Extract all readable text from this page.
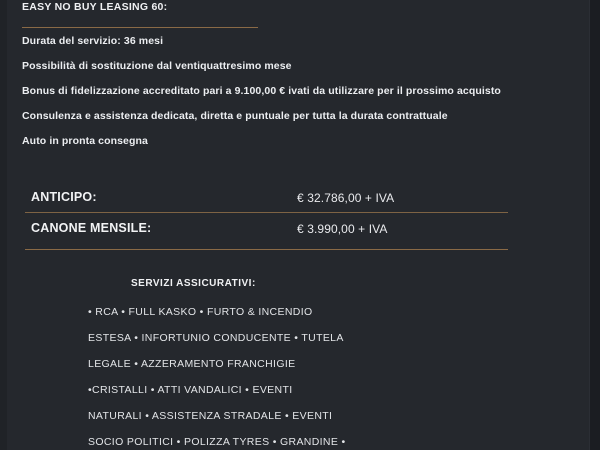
EASY NO BUY LEASING 60:
Durata del servizio: 36 mesi
Possibilità di sostituzione dal ventiquattresimo mese
Bonus di fidelizzazione accreditato pari a 9.100,00 € ivati da utilizzare per il prossimo acquisto
Consulenza e assistenza dedicata, diretta e puntuale per tutta la durata contrattuale
Auto in pronta consegna
ANTICIPO:	€ 32.786,00 + IVA
CANONE MENSILE:	€ 3.990,00 + IVA
SERVIZI ASSICURATIVI:
• RCA • FULL KASKO • FURTO & INCENDIO
ESTESA • INFORTUNIO CONDUCENTE • TUTELA
LEGALE • AZZERAMENTO FRANCHIGIE
•CRISTALLI • ATTI VANDALICI • EVENTI
NATURALI • ASSISTENZA STRADALE • EVENTI
SOCIO POLITICI • POLIZZA TYRES • GRANDINE •
